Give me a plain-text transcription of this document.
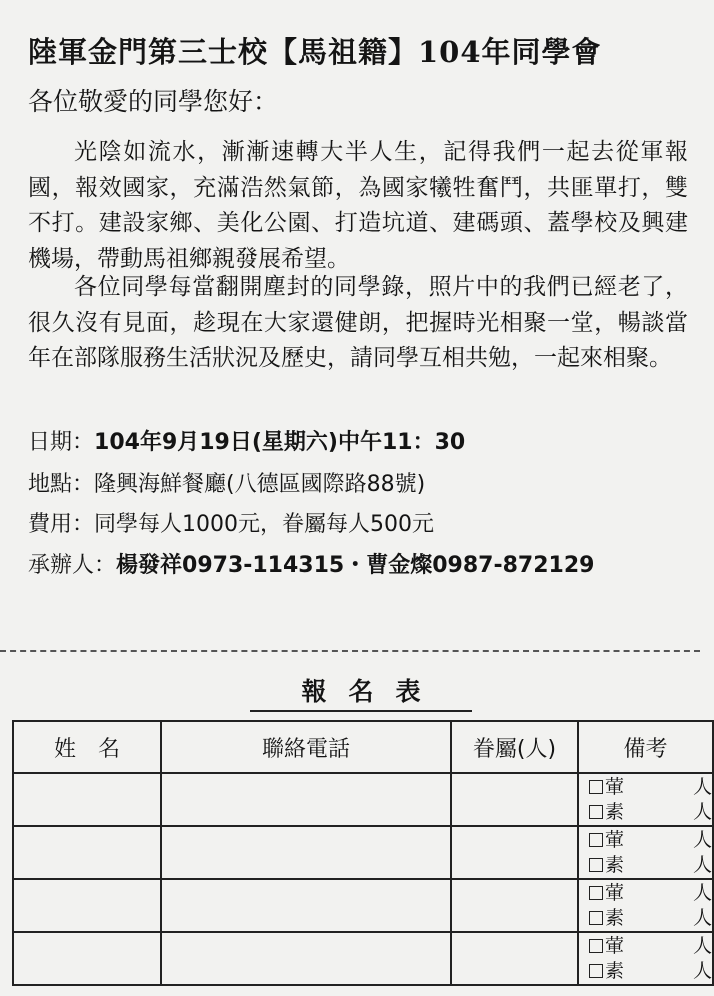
陸軍金門第三士校【馬祖籍】104年同學會
各位敬愛的同學您好：
光陰如流水，漸漸速轉大半人生，記得我們一起去從軍報國，報效國家，充滿浩然氣節，為國家犧牲奮鬥，共匪單打，雙不打。建設家鄉、美化公園、打造坑道、建碼頭、蓋學校及興建機場，帶動馬祖鄉親發展希望。
各位同學每當翻開塵封的同學錄，照片中的我們已經老了，很久沒有見面，趁現在大家還健朗，把握時光相聚一堂，暢談當年在部隊服務生活狀況及歷史，請同學互相共勉，一起來相聚。
日期：104年9月19日(星期六)中午11：30
地點：隆興海鮮餐廳(八德區國際路88號)
費用：同學每人1000元，眷屬每人500元
承辦人：楊發祥0973-114315・曹金燦0987-872129
報名表
姓　名	聯絡電話	眷屬(人)	備考

			葷 人
素 人

			葷 人
素 人

			葷 人
素 人

			葷 人
素 人
